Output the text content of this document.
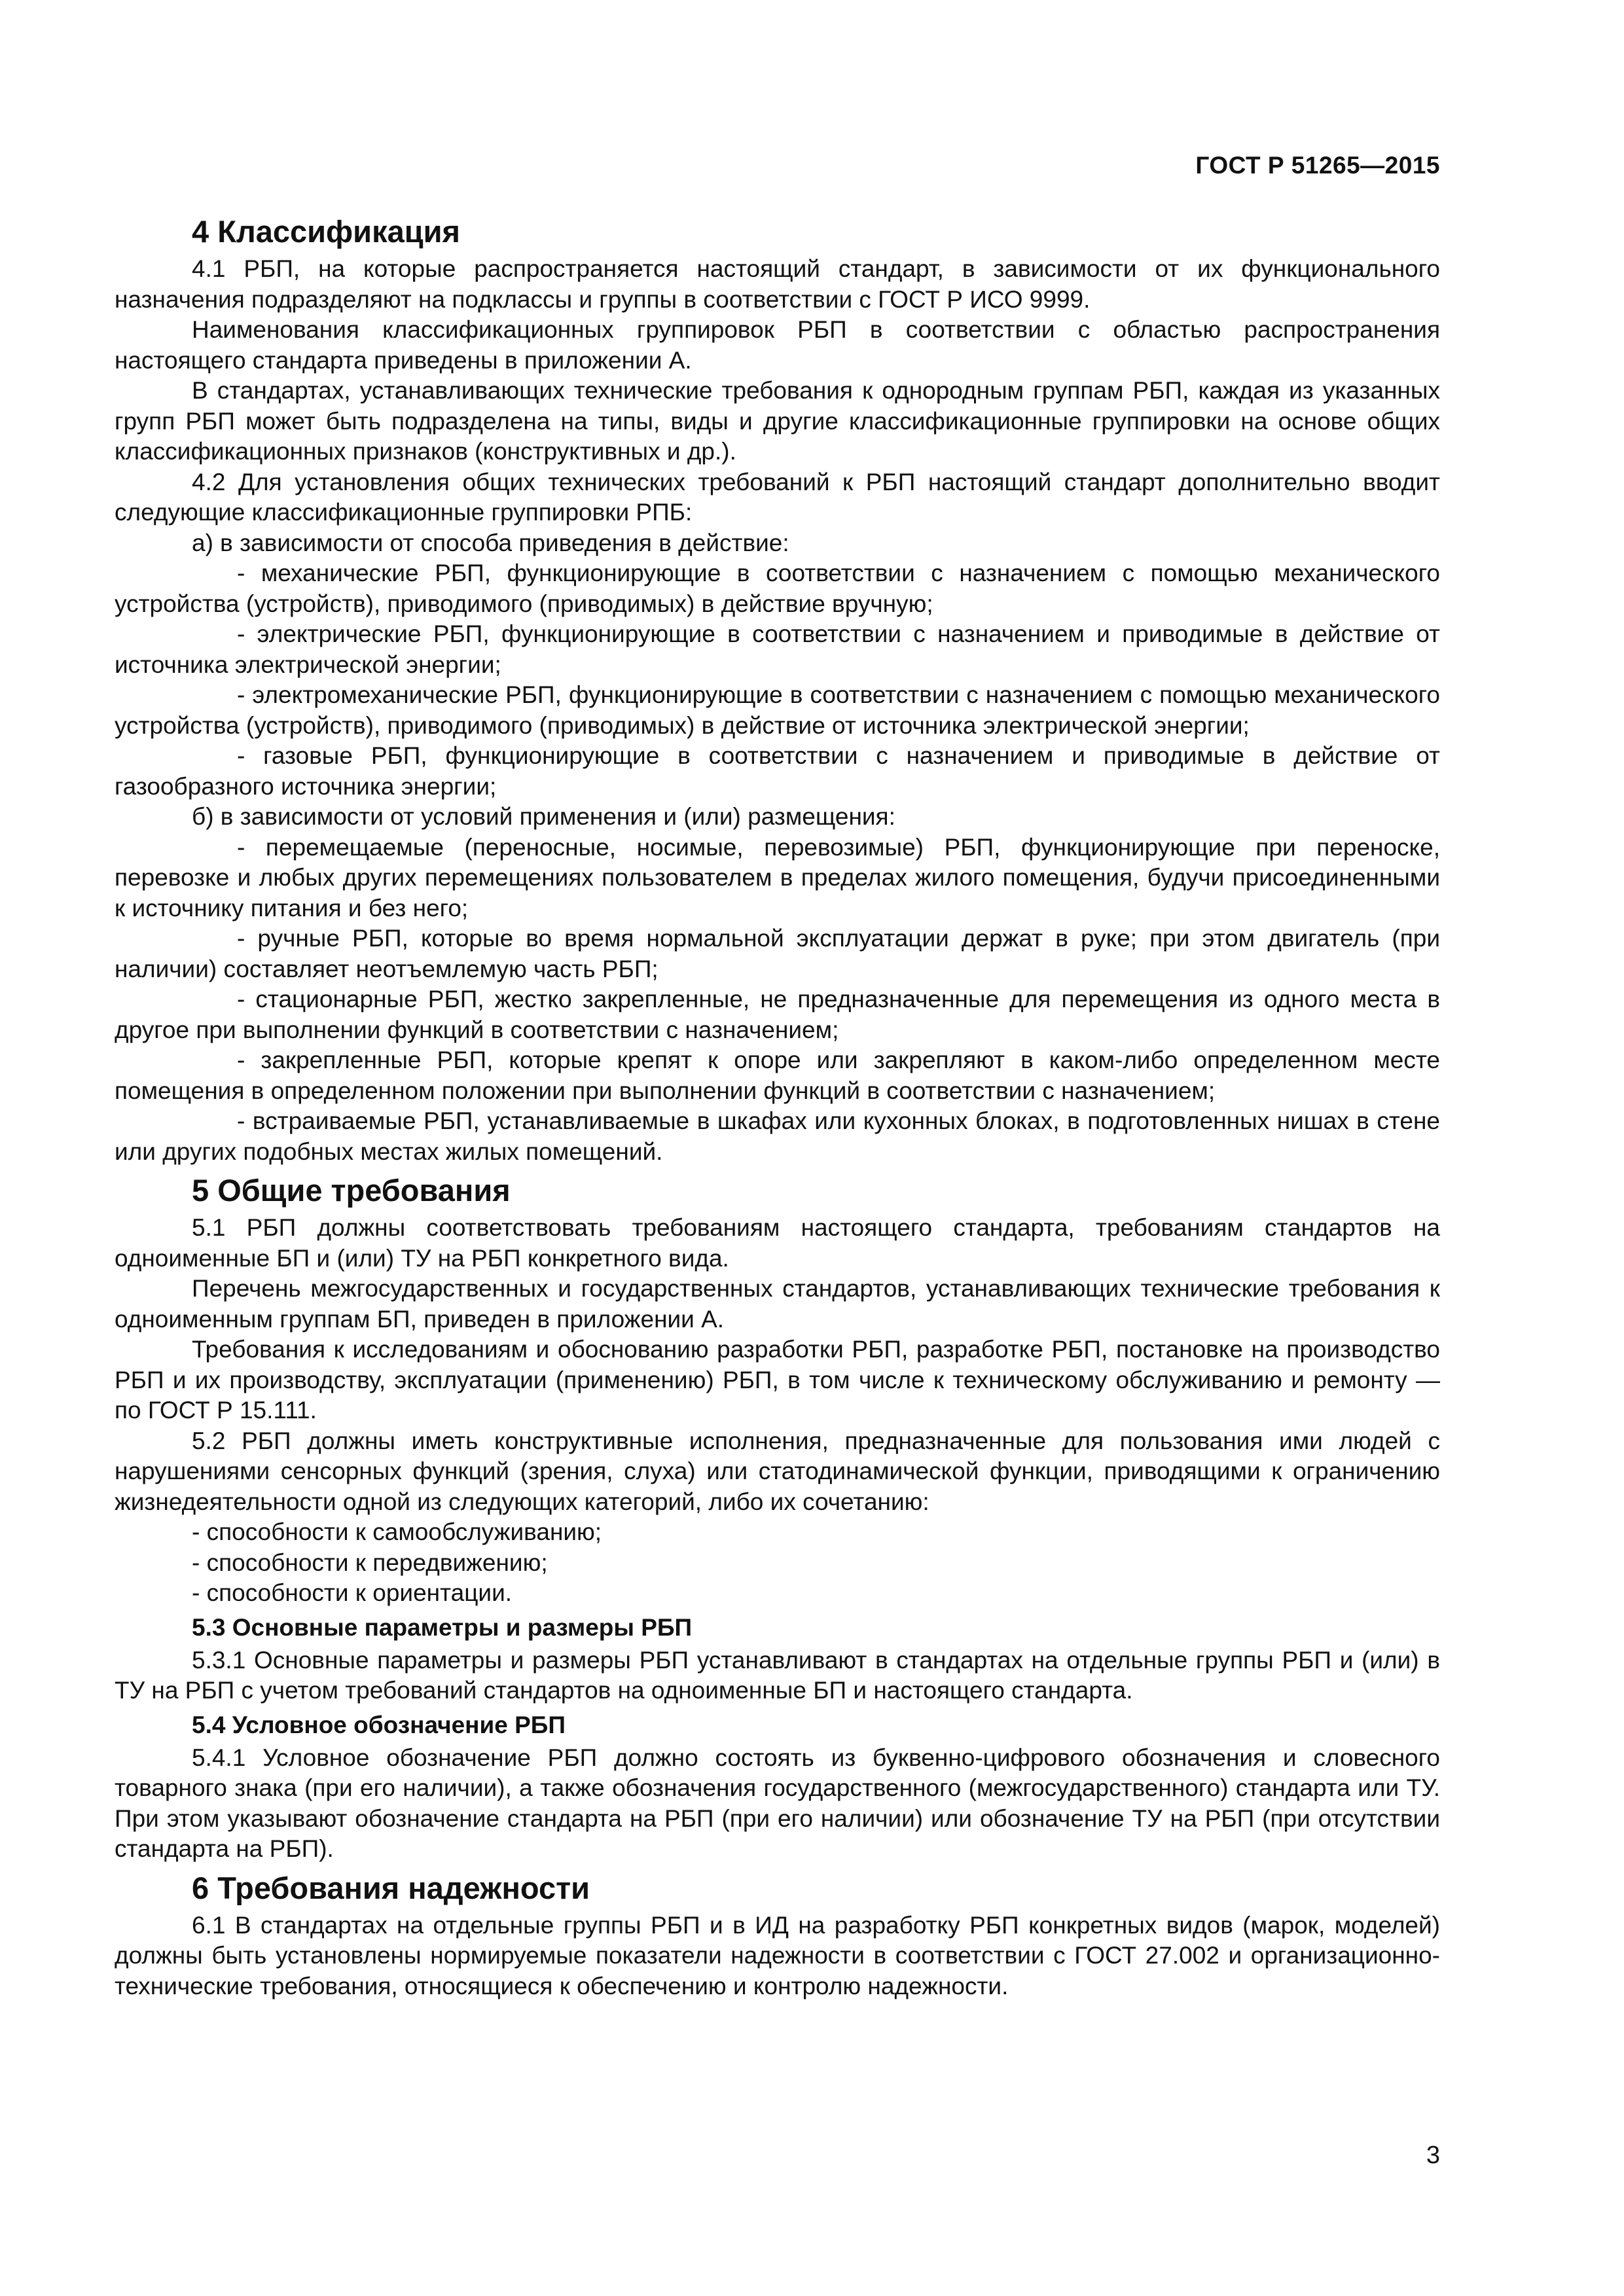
ГОСТ Р 51265—2015
4 Классификация

4.1 РБП, на которые распространяется настоящий стандарт, в зависимости от их функционального назначения подразделяют на подклассы и группы в соответствии с ГОСТ Р ИСО 9999.

Наименования классификационных группировок РБП в соответствии с областью распространения настоящего стандарта приведены в приложении А.

В стандартах, устанавливающих технические требования к однородным группам РБП, каждая из указанных групп РБП может быть подразделена на типы, виды и другие классификационные группировки на основе общих классификационных признаков (конструктивных и др.).

4.2 Для установления общих технических требований к РБП настоящий стандарт дополнительно вводит следующие классификационные группировки РПБ:

а) в зависимости от способа приведения в действие:

- механические РБП, функционирующие в соответствии с назначением с помощью механического устройства (устройств), приводимого (приводимых) в действие вручную;

- электрические РБП, функционирующие в соответствии с назначением и приводимые в действие от источника электрической энергии;

- электромеханические РБП, функционирующие в соответствии с назначением с помощью механического устройства (устройств), приводимого (приводимых) в действие от источника электрической энергии;

- газовые РБП, функционирующие в соответствии с назначением и приводимые в действие от газообразного источника энергии;

б) в зависимости от условий применения и (или) размещения:

- перемещаемые (переносные, носимые, перевозимые) РБП, функционирующие при переноске, перевозке и любых других перемещениях пользователем в пределах жилого помещения, будучи присоединенными к источнику питания и без него;

- ручные РБП, которые во время нормальной эксплуатации держат в руке; при этом двигатель (при наличии) составляет неотъемлемую часть РБП;

- стационарные РБП, жестко закрепленные, не предназначенные для перемещения из одного места в другое при выполнении функций в соответствии с назначением;

- закрепленные РБП, которые крепят к опоре или закрепляют в каком-либо определенном месте помещения в определенном положении при выполнении функций в соответствии с назначением;

- встраиваемые РБП, устанавливаемые в шкафах или кухонных блоках, в подготовленных нишах в стене или других подобных местах жилых помещений.

5 Общие требования

5.1 РБП должны соответствовать требованиям настоящего стандарта, требованиям стандартов на одноименные БП и (или) ТУ на РБП конкретного вида.

Перечень межгосударственных и государственных стандартов, устанавливающих технические требования к одноименным группам БП, приведен в приложении А.

Требования к исследованиям и обоснованию разработки РБП, разработке РБП, постановке на производство РБП и их производству, эксплуатации (применению) РБП, в том числе к техническому обслуживанию и ремонту — по ГОСТ Р 15.111.

5.2 РБП должны иметь конструктивные исполнения, предназначенные для пользования ими людей с нарушениями сенсорных функций (зрения, слуха) или статодинамической функции, приводящими к ограничению жизнедеятельности одной из следующих категорий, либо их сочетанию:

- способности к самообслуживанию;

- способности к передвижению;

- способности к ориентации.

5.3 Основные параметры и размеры РБП

5.3.1 Основные параметры и размеры РБП устанавливают в стандартах на отдельные группы РБП и (или) в ТУ на РБП с учетом требований стандартов на одноименные БП и настоящего стандарта.

5.4 Условное обозначение РБП

5.4.1 Условное обозначение РБП должно состоять из буквенно-цифрового обозначения и словесного товарного знака (при его наличии), а также обозначения государственного (межгосударственного) стандарта или ТУ. При этом указывают обозначение стандарта на РБП (при его наличии) или обозначение ТУ на РБП (при отсутствии стандарта на РБП).

6 Требования надежности

6.1 В стандартах на отдельные группы РБП и в ИД на разработку РБП конкретных видов (марок, моделей) должны быть установлены нормируемые показатели надежности в соответствии с ГОСТ 27.002 и организационно-технические требования, относящиеся к обеспечению и контролю надежности.

3
